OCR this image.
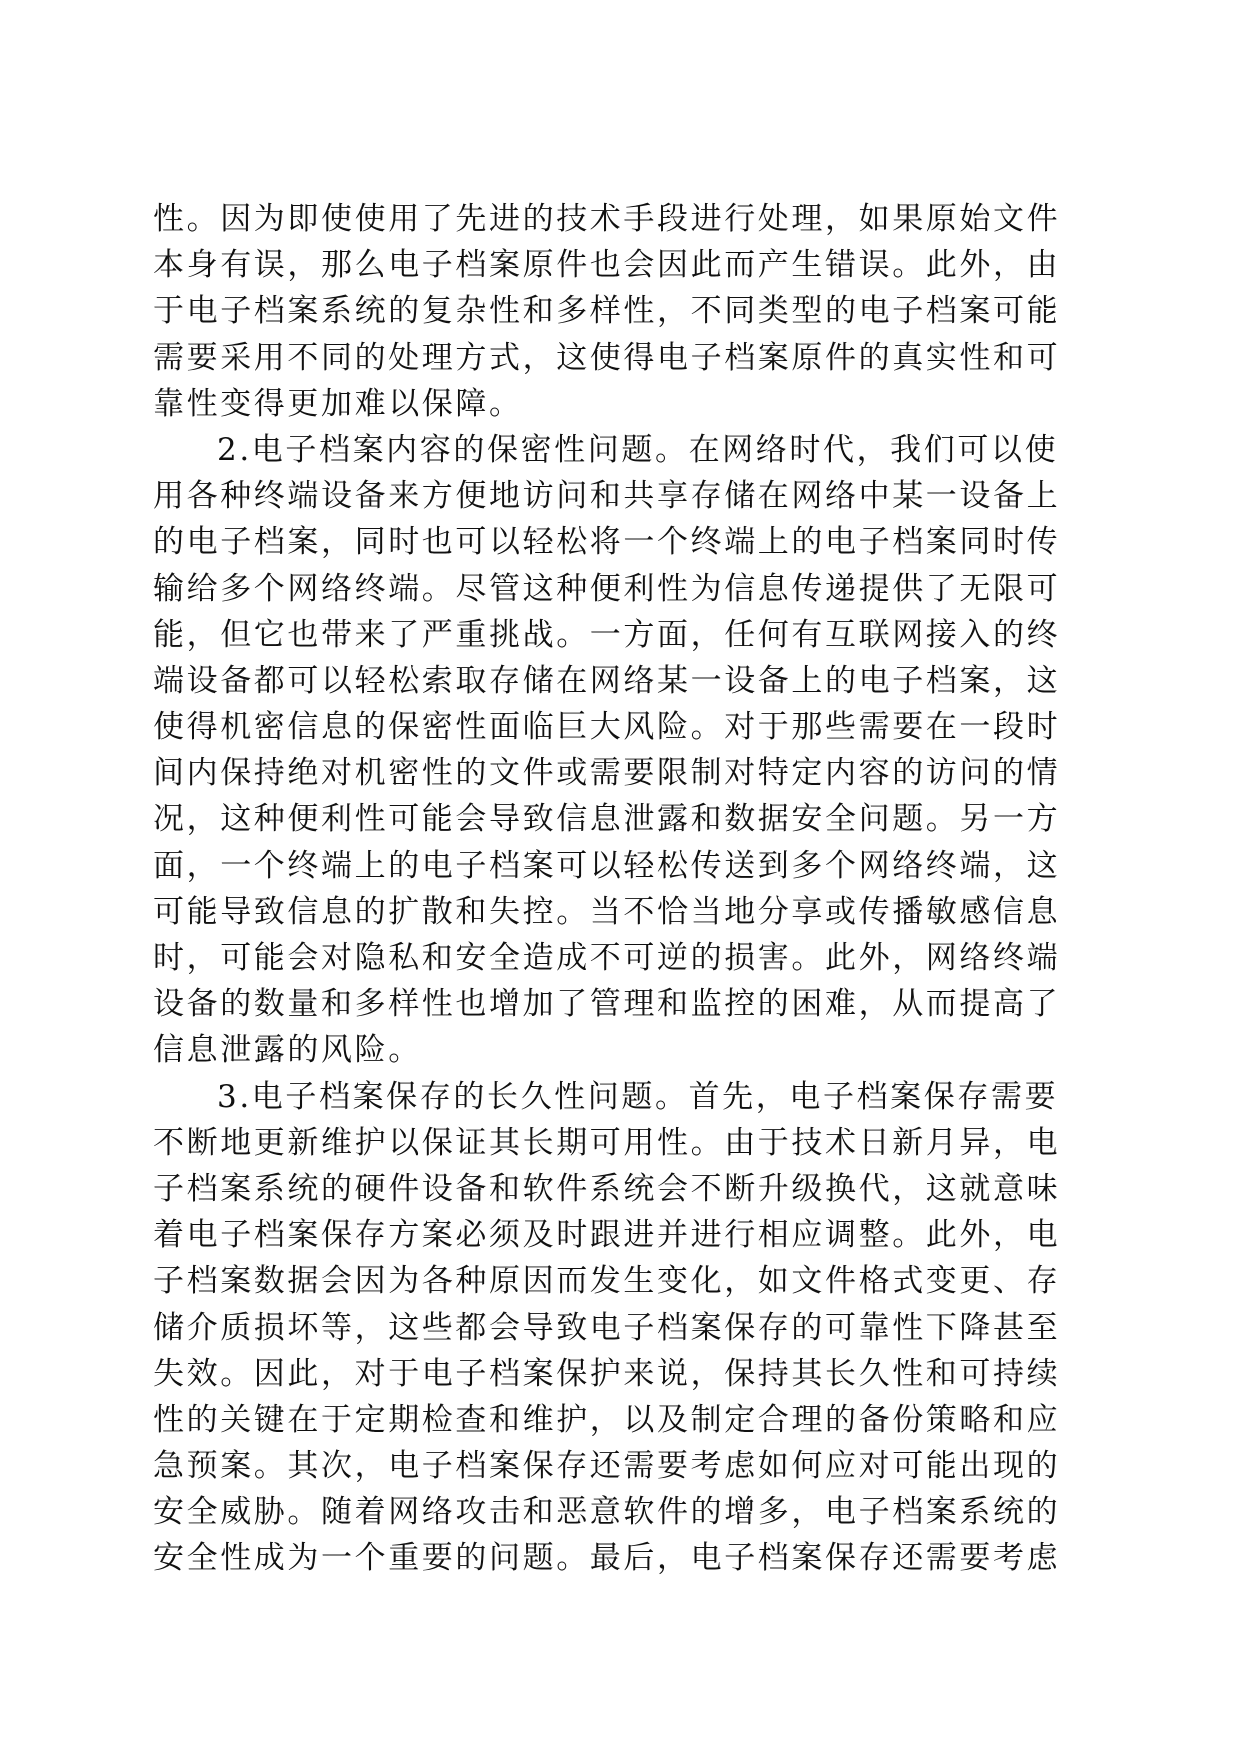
性。因为即使使用了先进的技术手段进行处理，如果原始文件
本身有误，那么电子档案原件也会因此而产生错误。此外，由
于电子档案系统的复杂性和多样性，不同类型的电子档案可能
需要采用不同的处理方式，这使得电子档案原件的真实性和可
靠性变得更加难以保障。
2.电子档案内容的保密性问题。在网络时代，我们可以使
用各种终端设备来方便地访问和共享存储在网络中某一设备上
的电子档案，同时也可以轻松将一个终端上的电子档案同时传
输给多个网络终端。尽管这种便利性为信息传递提供了无限可
能，但它也带来了严重挑战。一方面，任何有互联网接入的终
端设备都可以轻松索取存储在网络某一设备上的电子档案，这
使得机密信息的保密性面临巨大风险。对于那些需要在一段时
间内保持绝对机密性的文件或需要限制对特定内容的访问的情
况，这种便利性可能会导致信息泄露和数据安全问题。另一方
面，一个终端上的电子档案可以轻松传送到多个网络终端，这
可能导致信息的扩散和失控。当不恰当地分享或传播敏感信息
时，可能会对隐私和安全造成不可逆的损害。此外，网络终端
设备的数量和多样性也增加了管理和监控的困难，从而提高了
信息泄露的风险。
3.电子档案保存的长久性问题。首先，电子档案保存需要
不断地更新维护以保证其长期可用性。由于技术日新月异，电
子档案系统的硬件设备和软件系统会不断升级换代，这就意味
着电子档案保存方案必须及时跟进并进行相应调整。此外，电
子档案数据会因为各种原因而发生变化，如文件格式变更、存
储介质损坏等，这些都会导致电子档案保存的可靠性下降甚至
失效。因此，对于电子档案保护来说，保持其长久性和可持续
性的关键在于定期检查和维护，以及制定合理的备份策略和应
急预案。其次，电子档案保存还需要考虑如何应对可能出现的
安全威胁。随着网络攻击和恶意软件的增多，电子档案系统的
安全性成为一个重要的问题。最后，电子档案保存还需要考虑
